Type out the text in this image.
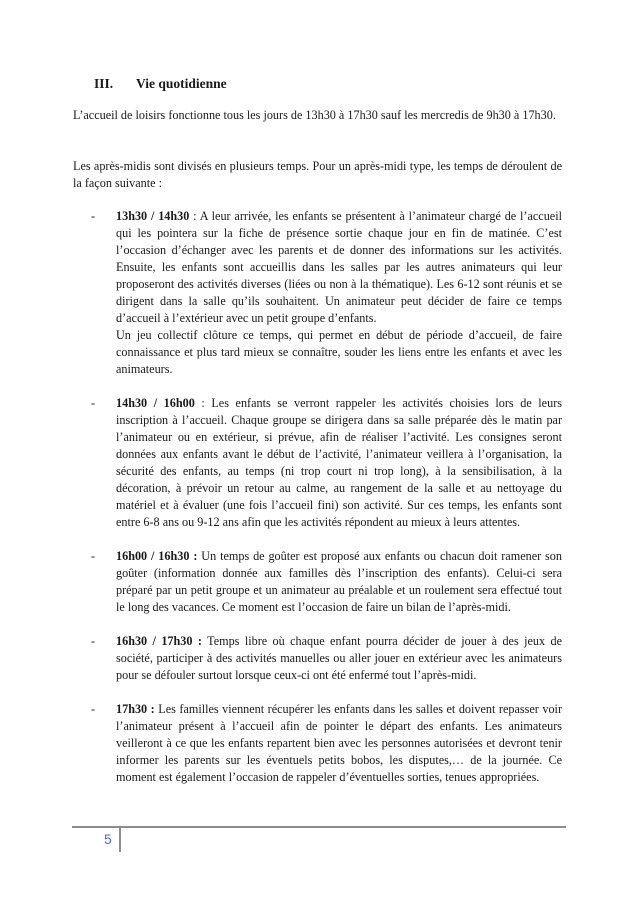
III. Vie quotidienne

L’accueil de loisirs fonctionne tous les jours de 13h30 à 17h30 sauf les mercredis de 9h30 à 17h30.

Les après-midis sont divisés en plusieurs temps. Pour un après-midi type, les temps de déroulent de la façon suivante :

- 13h30 / 14h30 : A leur arrivée, les enfants se présentent à l’animateur chargé de l’accueil qui les pointera sur la fiche de présence sortie chaque jour en fin de matinée. C’est l’occasion d’échanger avec les parents et de donner des informations sur les activités. Ensuite, les enfants sont accueillis dans les salles par les autres animateurs qui leur proposeront des activités diverses (liées ou non à la thématique). Les 6-12 sont réunis et se dirigent dans la salle qu’ils souhaitent. Un animateur peut décider de faire ce temps d’accueil à l’extérieur avec un petit groupe d’enfants.
Un jeu collectif clôture ce temps, qui permet en début de période d’accueil, de faire connaissance et plus tard mieux se connaître, souder les liens entre les enfants et avec les animateurs.
- 14h30 / 16h00 : Les enfants se verront rappeler les activités choisies lors de leurs inscription à l’accueil. Chaque groupe se dirigera dans sa salle préparée dès le matin par l’animateur ou en extérieur, si prévue, afin de réaliser l’activité. Les consignes seront données aux enfants avant le début de l’activité, l’animateur veillera à l’organisation, la sécurité des enfants, au temps (ni trop court ni trop long), à la sensibilisation, à la décoration, à prévoir un retour au calme, au rangement de la salle et au nettoyage du matériel et à évaluer (une fois l’accueil fini) son activité. Sur ces temps, les enfants sont entre 6-8 ans ou 9-12 ans afin que les activités répondent au mieux à leurs attentes.
- 16h00 / 16h30 : Un temps de goûter est proposé aux enfants ou chacun doit ramener son goûter (information donnée aux familles dès l’inscription des enfants). Celui-ci sera préparé par un petit groupe et un animateur au préalable et un roulement sera effectué tout le long des vacances. Ce moment est l’occasion de faire un bilan de l’après-midi.
- 16h30 / 17h30 : Temps libre où chaque enfant pourra décider de jouer à des jeux de société, participer à des activités manuelles ou aller jouer en extérieur avec les animateurs pour se défouler surtout lorsque ceux-ci ont été enfermé tout l’après-midi.
- 17h30 : Les familles viennent récupérer les enfants dans les salles et doivent repasser voir l’animateur présent à l’accueil afin de pointer le départ des enfants. Les animateurs veilleront à ce que les enfants repartent bien avec les personnes autorisées et devront tenir informer les parents sur les éventuels petits bobos, les disputes,… de la journée. Ce moment est également l’occasion de rappeler d’éventuelles sorties, tenues appropriées.
5
